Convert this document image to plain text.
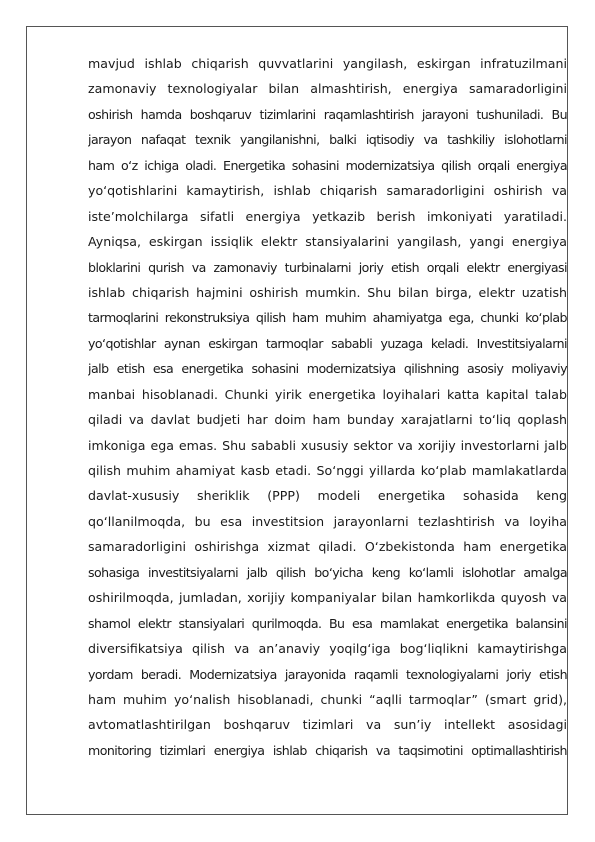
mavjud ishlab chiqarish quvvatlarini yangilash, eskirgan infratuzilmani
zamonaviy texnologiyalar bilan almashtirish, energiya samaradorligini
oshirish hamda boshqaruv tizimlarini raqamlashtirish jarayoni tushuniladi. Bu
jarayon nafaqat texnik yangilanishni, balki iqtisodiy va tashkiliy islohotlarni
ham o‘z ichiga oladi. Energetika sohasini modernizatsiya qilish orqali energiya
yo‘qotishlarini kamaytirish, ishlab chiqarish samaradorligini oshirish va
iste’molchilarga sifatli energiya yetkazib berish imkoniyati yaratiladi.
Ayniqsa, eskirgan issiqlik elektr stansiyalarini yangilash, yangi energiya
bloklarini qurish va zamonaviy turbinalarni joriy etish orqali elektr energiyasi
ishlab chiqarish hajmini oshirish mumkin. Shu bilan birga, elektr uzatish
tarmoqlarini rekonstruksiya qilish ham muhim ahamiyatga ega, chunki ko‘plab
yo‘qotishlar aynan eskirgan tarmoqlar sababli yuzaga keladi. Investitsiyalarni
jalb etish esa energetika sohasini modernizatsiya qilishning asosiy moliyaviy
manbai hisoblanadi. Chunki yirik energetika loyihalari katta kapital talab
qiladi va davlat budjeti har doim ham bunday xarajatlarni to‘liq qoplash
imkoniga ega emas. Shu sababli xususiy sektor va xorijiy investorlarni jalb
qilish muhim ahamiyat kasb etadi. So‘nggi yillarda ko‘plab mamlakatlarda
davlat-xususiy sheriklik (PPP) modeli energetika sohasida keng
qo‘llanilmoqda, bu esa investitsion jarayonlarni tezlashtirish va loyiha
samaradorligini oshirishga xizmat qiladi. O‘zbekistonda ham energetika
sohasiga investitsiyalarni jalb qilish bo‘yicha keng ko‘lamli islohotlar amalga
oshirilmoqda, jumladan, xorijiy kompaniyalar bilan hamkorlikda quyosh va
shamol elektr stansiyalari qurilmoqda. Bu esa mamlakat energetika balansini
diversifikatsiya qilish va an’anaviy yoqilg‘iga bog‘liqlikni kamaytirishga
yordam beradi. Modernizatsiya jarayonida raqamli texnologiyalarni joriy etish
ham muhim yo‘nalish hisoblanadi, chunki “aqlli tarmoqlar” (smart grid),
avtomatlashtirilgan boshqaruv tizimlari va sun’iy intellekt asosidagi
monitoring tizimlari energiya ishlab chiqarish va taqsimotini optimallashtirish
